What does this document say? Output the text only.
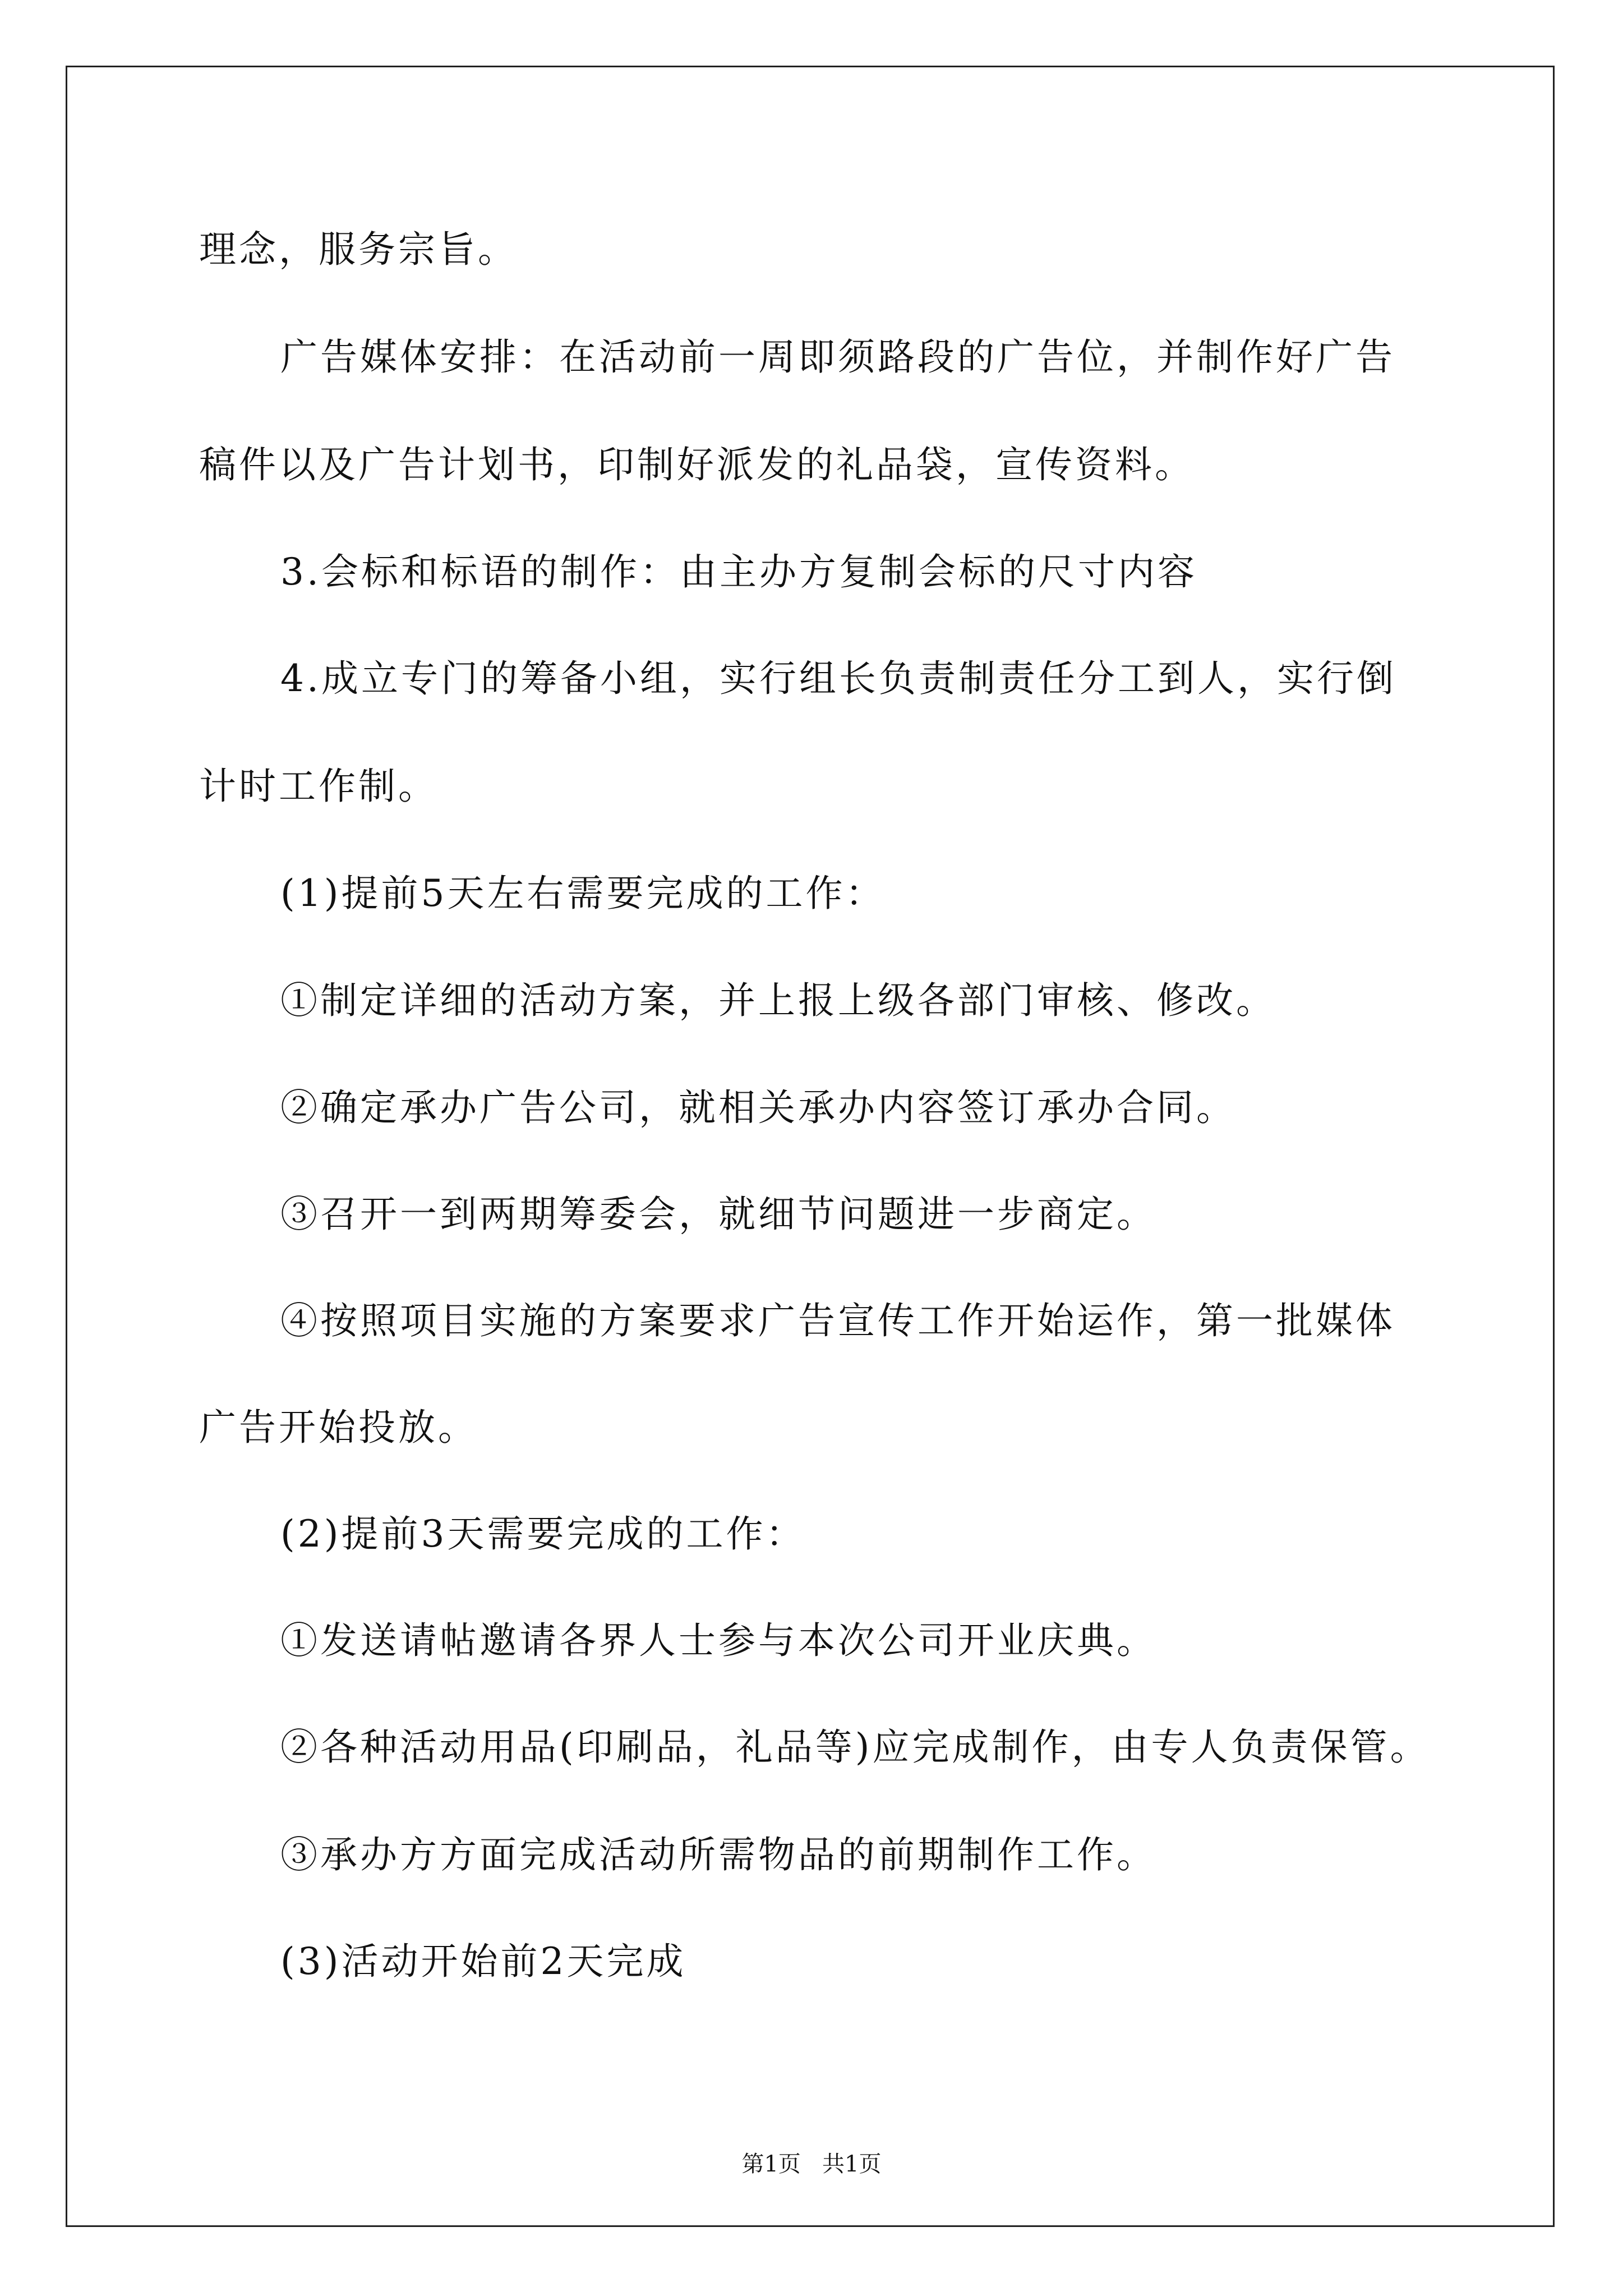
理念，服务宗旨。
广告媒体安排：在活动前一周即须路段的广告位，并制作好广告
稿件以及广告计划书，印制好派发的礼品袋，宣传资料。
3.会标和标语的制作：由主办方复制会标的尺寸内容
4.成立专门的筹备小组，实行组长负责制责任分工到人，实行倒
计时工作制。
(1)提前5天左右需要完成的工作：
①制定详细的活动方案，并上报上级各部门审核、修改。
②确定承办广告公司，就相关承办内容签订承办合同。
③召开一到两期筹委会，就细节问题进一步商定。
④按照项目实施的方案要求广告宣传工作开始运作，第一批媒体
广告开始投放。
(2)提前3天需要完成的工作：
①发送请帖邀请各界人士参与本次公司开业庆典。
②各种活动用品(印刷品，礼品等)应完成制作，由专人负责保管。
③承办方方面完成活动所需物品的前期制作工作。
(3)活动开始前2天完成
第1页   共1页
